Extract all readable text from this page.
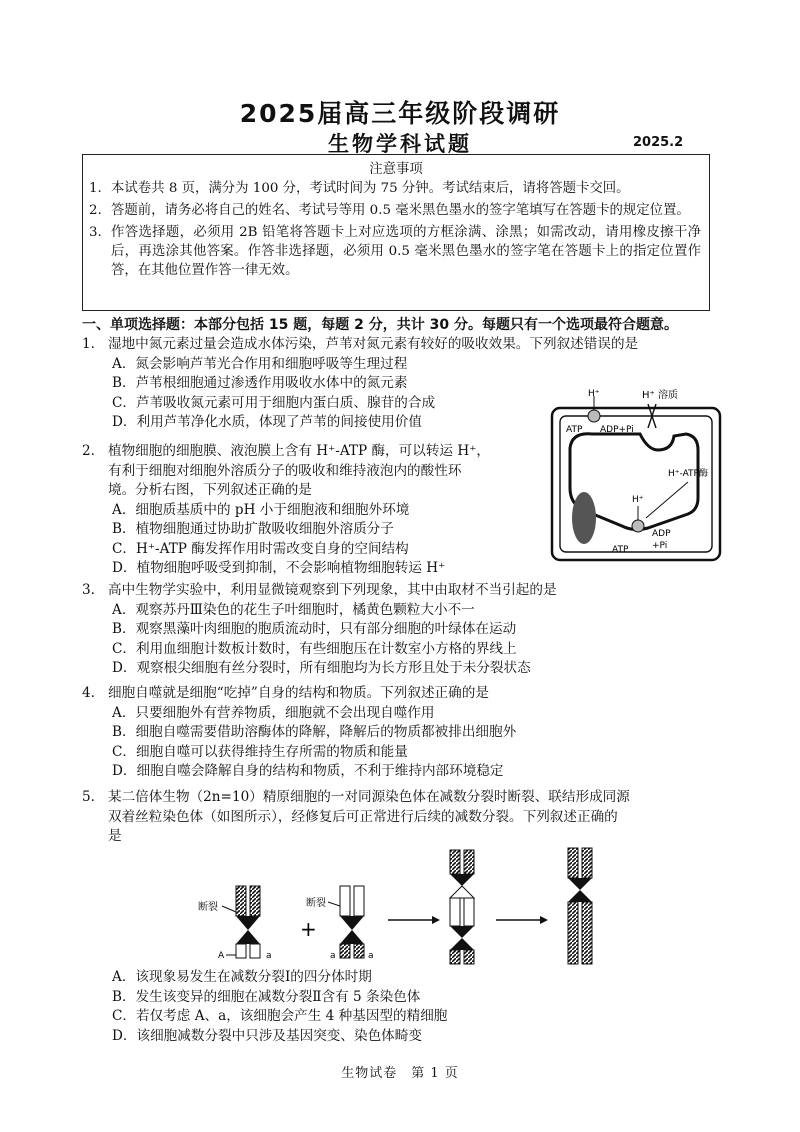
2025届高三年级阶段调研
生物学科试题	2025.2
注意事项
1. 本试卷共 8 页，满分为 100 分，考试时间为 75 分钟。考试结束后，请将答题卡交回。
2. 答题前，请务必将自己的姓名、考试号等用 0.5 毫米黑色墨水的签字笔填写在答题卡的规定位置。
3. 作答选择题，必须用 2B 铅笔将答题卡上对应选项的方框涂满、涂黑；如需改动，请用橡皮擦干净后，再选涂其他答案。作答非选择题，必须用 0.5 毫米黑色墨水的签字笔在答题卡上的指定位置作答，在其他位置作答一律无效。
一、单项选择题：本部分包括 15 题，每题 2 分，共计 30 分。每题只有一个选项最符合题意。
1. 湿地中氮元素过量会造成水体污染，芦苇对氮元素有较好的吸收效果。下列叙述错误的是
A．氮会影响芦苇光合作用和细胞呼吸等生理过程
B．芦苇根细胞通过渗透作用吸收水体中的氮元素
C．芦苇吸收氮元素可用于细胞内蛋白质、腺苷的合成
D．利用芦苇净化水质，体现了芦苇的间接使用价值
2. 植物细胞的细胞膜、液泡膜上含有 H⁺-ATP 酶，可以转运 H⁺，
有利于细胞对细胞外溶质分子的吸收和维持液泡内的酸性环
境。分析右图，下列叙述正确的是
A．细胞质基质中的 pH 小于细胞液和细胞外环境
B．植物细胞通过协助扩散吸收细胞外溶质分子
C．H⁺-ATP 酶发挥作用时需改变自身的空间结构
D．植物细胞呼吸受到抑制，不会影响植物细胞转运 H⁺
H⁺	H⁺ 溶质
ATP ADP+Pi
H⁺-ATP酶
H⁺
ATP
ADP
+Pi
3. 高中生物学实验中，利用显微镜观察到下列现象，其中由取材不当引起的是
A．观察苏丹Ⅲ染色的花生子叶细胞时，橘黄色颗粒大小不一
B．观察黑藻叶肉细胞的胞质流动时，只有部分细胞的叶绿体在运动
C．利用血细胞计数板计数时，有些细胞压在计数室小方格的界线上
D．观察根尖细胞有丝分裂时，所有细胞均为长方形且处于未分裂状态
4. 细胞自噬就是细胞“吃掉”自身的结构和物质。下列叙述正确的是
A．只要细胞外有营养物质，细胞就不会出现自噬作用
B．细胞自噬需要借助溶酶体的降解，降解后的物质都被排出细胞外
C．细胞自噬可以获得维持生存所需的物质和能量
D．细胞自噬会降解自身的结构和物质，不利于维持内部环境稳定
5. 某二倍体生物（2n=10）精原细胞的一对同源染色体在减数分裂时断裂、联结形成同源
双着丝粒染色体（如图所示），经修复后可正常进行后续的减数分裂。下列叙述正确的
是
断裂
A	a
+
断裂
a	a
A．该现象易发生在减数分裂Ⅰ的四分体时期
B．发生该变异的细胞在减数分裂Ⅱ含有 5 条染色体
C．若仅考虑 A、a，该细胞会产生 4 种基因型的精细胞
D．该细胞减数分裂中只涉及基因突变、染色体畸变
生物试卷　第 1 页
